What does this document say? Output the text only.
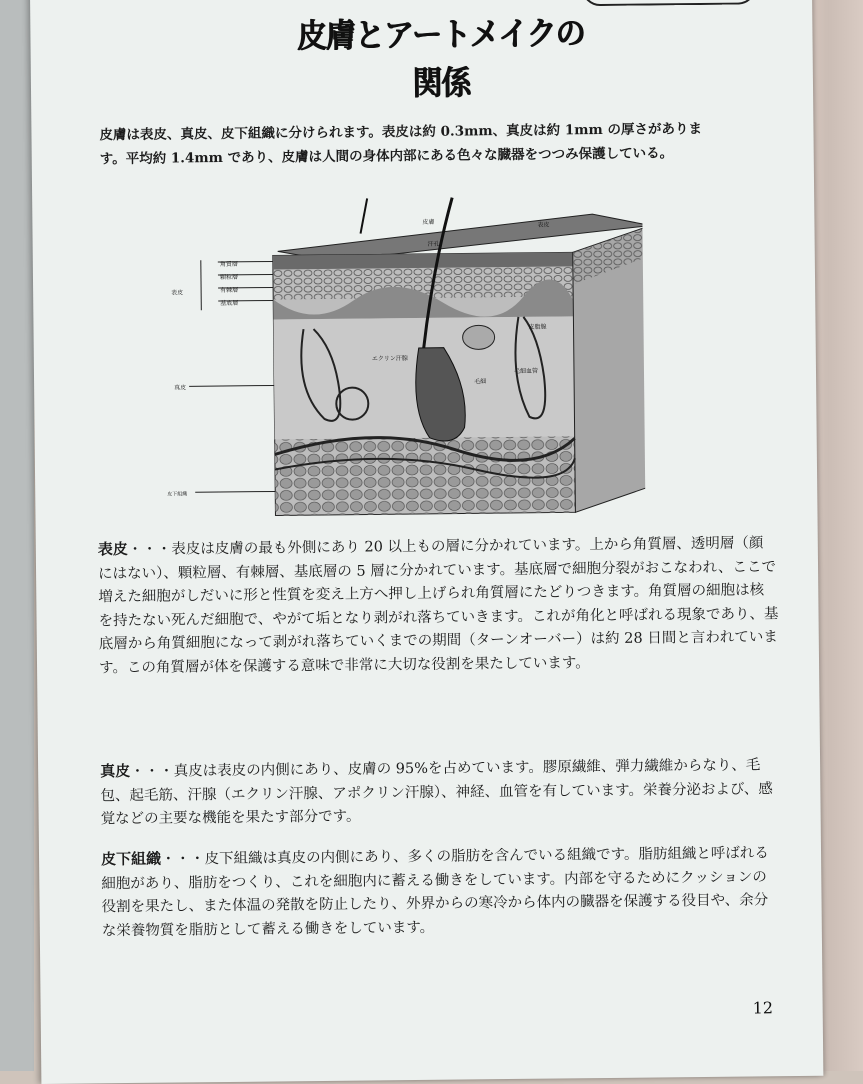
皮膚とアートメイクの関係
皮膚は表皮、真皮、皮下組織に分けられます。表皮は約 0.3mm、真皮は約 1mm の厚さがあります。平均約 1.4mm であり、皮膚は人間の身体内部にある色々な臓器をつつみ保護している。
角質層
顆粒層
有棘層
基底層
表皮
真皮
皮下組織
皮膚
汗孔
表皮
皮脂腺
エクリン汗腺
毛細
毛細血管
表皮・・・表皮は皮膚の最も外側にあり 20 以上もの層に分かれています。上から角質層、透明層（顔にはない）、顆粒層、有棘層、基底層の 5 層に分かれています。基底層で細胞分裂がおこなわれ、ここで増えた細胞がしだいに形と性質を変え上方へ押し上げられ角質層にたどりつきます。角質層の細胞は核を持たない死んだ細胞で、やがて垢となり剥がれ落ちていきます。これが角化と呼ばれる現象であり、基底層から角質細胞になって剥がれ落ちていくまでの期間（ターンオーバー）は約 28 日間と言われています。この角質層が体を保護する意味で非常に大切な役割を果たしています。
真皮・・・真皮は表皮の内側にあり、皮膚の 95%を占めています。膠原繊維、弾力繊維からなり、毛包、起毛筋、汗腺（エクリン汗腺、アポクリン汗腺）、神経、血管を有しています。栄養分泌および、感覚などの主要な機能を果たす部分です。
皮下組織・・・皮下組織は真皮の内側にあり、多くの脂肪を含んでいる組織です。脂肪組織と呼ばれる細胞があり、脂肪をつくり、これを細胞内に蓄える働きをしています。内部を守るためにクッションの役割を果たし、また体温の発散を防止したり、外界からの寒冷から体内の臓器を保護する役目や、余分な栄養物質を脂肪として蓄える働きをしています。
12
